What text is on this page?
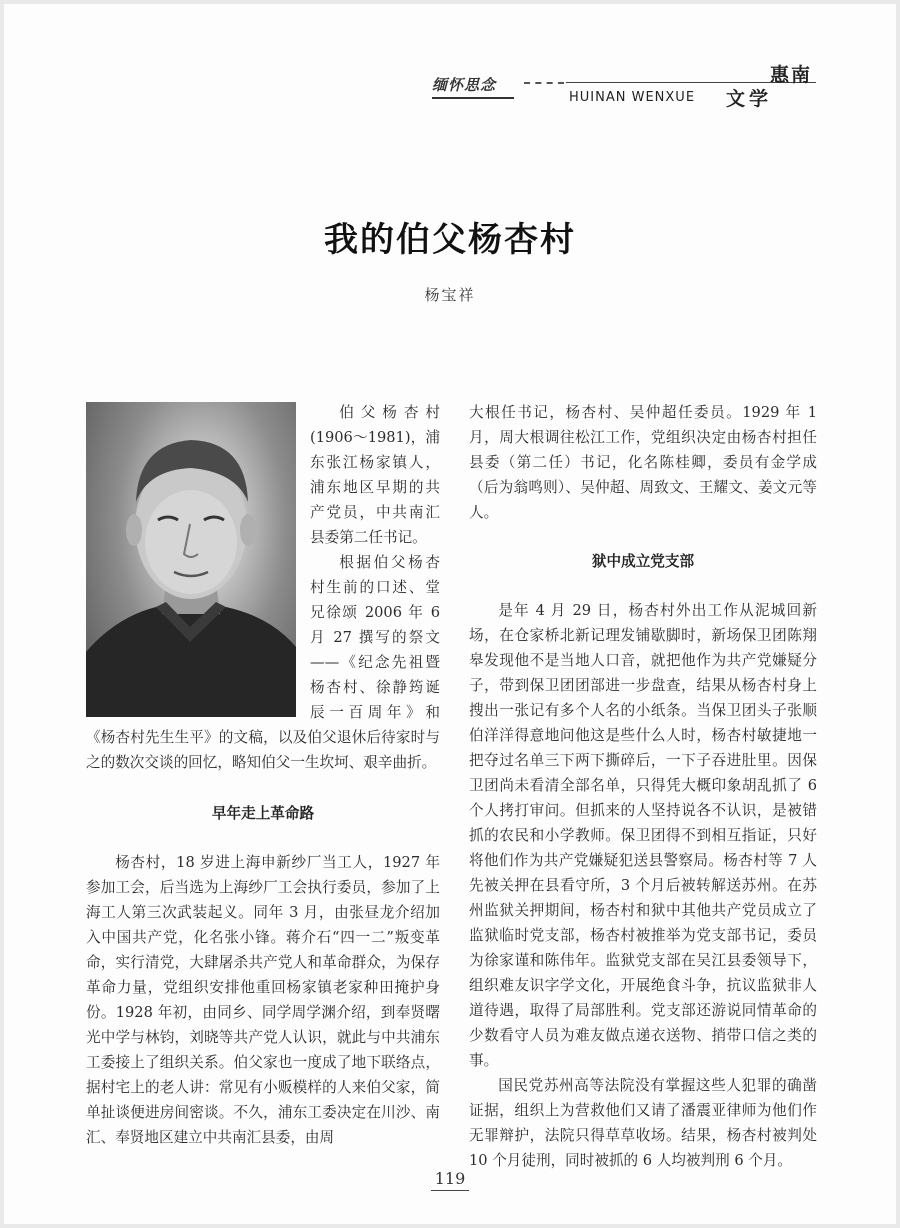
缅怀思念
HUINAN WENXUE
惠南
文学
我的伯父杨杏村
杨宝祥

伯父杨杏村(1906～1981)，浦东张江杨家镇人，浦东地区早期的共产党员，中共南汇县委第二任书记。

根据伯父杨杏村生前的口述、堂兄徐颂 2006 年 6 月 27 撰写的祭文——《纪念先祖暨杨杏村、徐静筠诞辰一百周年》和《杨杏村先生生平》的文稿，以及伯父退休后待家时与之的数次交谈的回忆，略知伯父一生坎坷、艰辛曲折。

早年走上革命路

杨杏村，18 岁进上海申新纱厂当工人，1927 年参加工会，后当选为上海纱厂工会执行委员，参加了上海工人第三次武装起义。同年 3 月，由张昼龙介绍加入中国共产党，化名张小锋。蒋介石“四一二”叛变革命，实行清党，大肆屠杀共产党人和革命群众，为保存革命力量，党组织安排他重回杨家镇老家种田掩护身份。1928 年初，由同乡、同学周学渊介绍，到奉贤曙光中学与林钧，刘晓等共产党人认识，就此与中共浦东工委接上了组织关系。伯父家也一度成了地下联络点，据村宅上的老人讲：常见有小贩模样的人来伯父家，简单扯谈便进房间密谈。不久，浦东工委决定在川沙、南汇、奉贤地区建立中共南汇县委，由周

大根任书记，杨杏村、吴仲超任委员。1929 年 1 月，周大根调往松江工作，党组织决定由杨杏村担任县委（第二任）书记，化名陈桂卿，委员有金学成（后为翁鸣则）、吴仲超、周致文、王耀文、姜文元等人。

狱中成立党支部

是年 4 月 29 日，杨杏村外出工作从泥城回新场，在仓家桥北新记理发铺歇脚时，新场保卫团陈翔皋发现他不是当地人口音，就把他作为共产党嫌疑分子，带到保卫团团部进一步盘查，结果从杨杏村身上搜出一张记有多个人名的小纸条。当保卫团头子张顺伯洋洋得意地问他这是些什么人时，杨杏村敏捷地一把夺过名单三下两下撕碎后，一下子吞进肚里。因保卫团尚未看清全部名单，只得凭大概印象胡乱抓了 6 个人拷打审问。但抓来的人坚持说各不认识，是被错抓的农民和小学教师。保卫团得不到相互指证，只好将他们作为共产党嫌疑犯送县警察局。杨杏村等 7 人先被关押在县看守所，3 个月后被转解送苏州。在苏州监狱关押期间，杨杏村和狱中其他共产党员成立了监狱临时党支部，杨杏村被推举为党支部书记，委员为徐家谨和陈伟年。监狱党支部在吴江县委领导下，组织难友识字学文化，开展绝食斗争，抗议监狱非人道待遇，取得了局部胜利。党支部还游说同情革命的少数看守人员为难友做点递衣送物、捎带口信之类的事。

国民党苏州高等法院没有掌握这些人犯罪的确凿证据，组织上为营救他们又请了潘震亚律师为他们作无罪辩护，法院只得草草收场。结果，杨杏村被判处 10 个月徒刑，同时被抓的 6 人均被判刑 6 个月。

119
